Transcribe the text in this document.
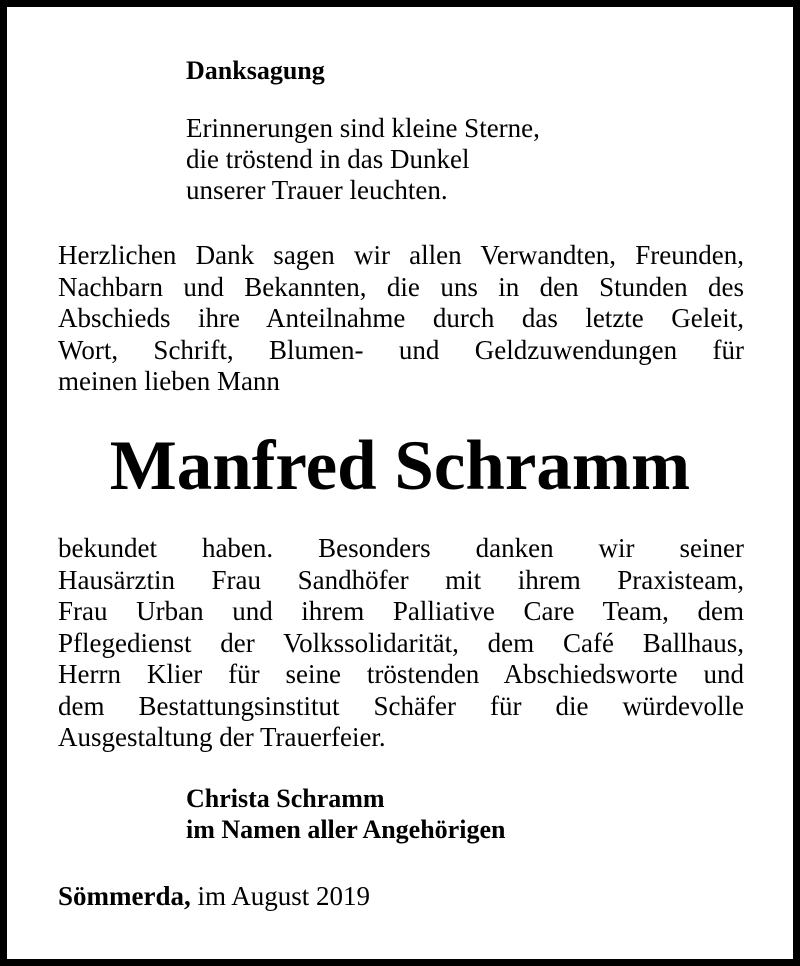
Danksagung
Erinnerungen sind kleine Sterne,
die tröstend in das Dunkel
unserer Trauer leuchten.
Herzlichen Dank sagen wir allen Verwandten, Freunden,
Nachbarn und Bekannten, die uns in den Stunden des
Abschieds ihre Anteilnahme durch das letzte Geleit,
Wort, Schrift, Blumen- und Geldzuwendungen für
meinen lieben Mann
Manfred Schramm
bekundet haben. Besonders danken wir seiner
Hausärztin Frau Sandhöfer mit ihrem Praxisteam,
Frau Urban und ihrem Palliative Care Team, dem
Pflegedienst der Volkssolidarität, dem Café Ballhaus,
Herrn Klier für seine tröstenden Abschiedsworte und
dem Bestattungsinstitut Schäfer für die würdevolle
Ausgestaltung der Trauerfeier.
Christa Schramm
im Namen aller Angehörigen
Sömmerda, im August 2019
